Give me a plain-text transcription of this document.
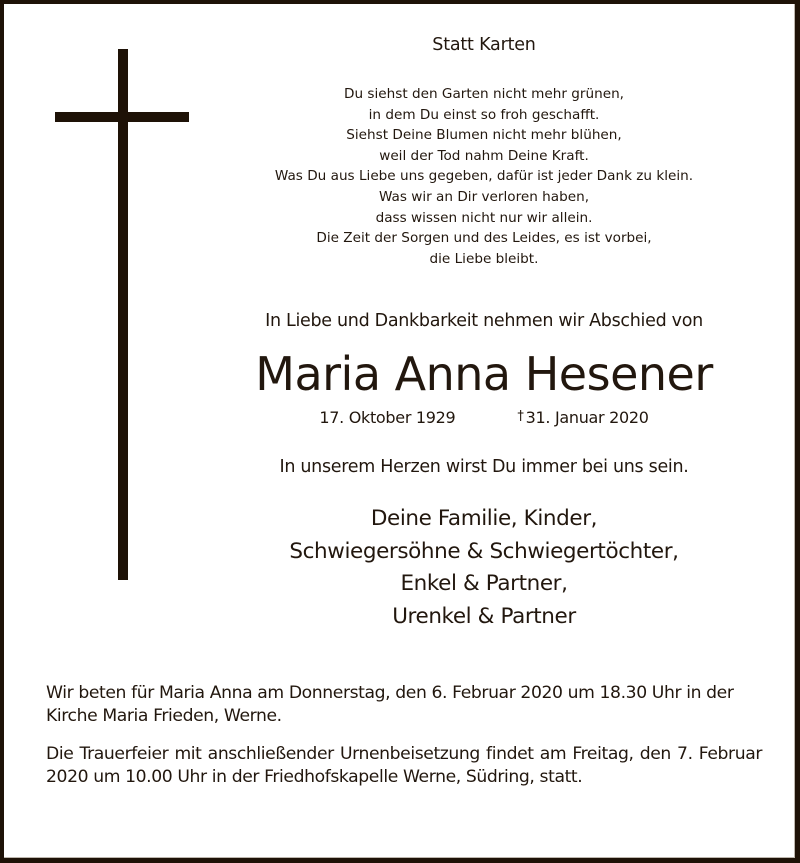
Statt Karten
Du siehst den Garten nicht mehr grünen,
in dem Du einst so froh geschafft.
Siehst Deine Blumen nicht mehr blühen,
weil der Tod nahm Deine Kraft.
Was Du aus Liebe uns gegeben, dafür ist jeder Dank zu klein.
Was wir an Dir verloren haben,
dass wissen nicht nur wir allein.
Die Zeit der Sorgen und des Leides, es ist vorbei,
die Liebe bleibt.
In Liebe und Dankbarkeit nehmen wir Abschied von
Maria Anna Hesener
17. Oktober 1929	† 31. Januar 2020
In unserem Herzen wirst Du immer bei uns sein.
Deine Familie, Kinder,
Schwiegersöhne & Schwiegertöchter,
Enkel & Partner,
Urenkel & Partner

Wir beten für Maria Anna am Donnerstag, den 6. Februar 2020 um 18.30 Uhr in der Kirche Maria Frieden, Werne.

Die Trauerfeier mit anschließender Urnenbeisetzung findet am Freitag, den 7. Februar 2020 um 10.00 Uhr in der Friedhofskapelle Werne, Südring, statt.
